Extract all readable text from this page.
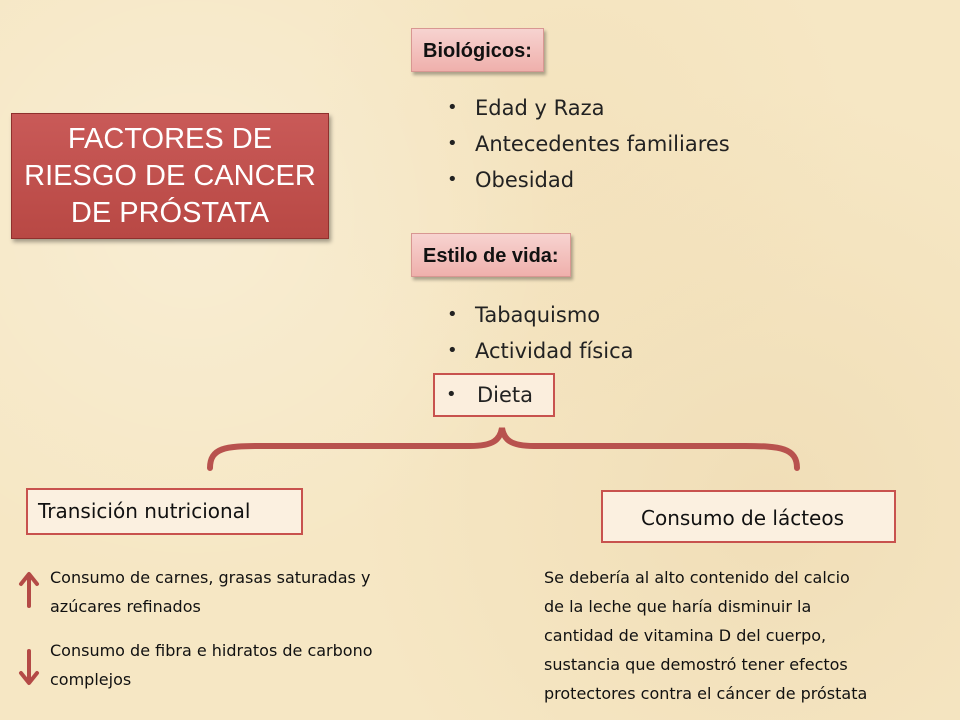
FACTORES DE
RIESGO DE CANCER
DE PRÓSTATA
Biológicos:
• Edad y Raza
• Antecedentes familiares
• Obesidad
Estilo de vida:
• Tabaquismo
• Actividad física
• Dieta
Transición nutricional	Consumo de lácteos
Consumo de carnes, grasas saturadas y
azúcares refinados
Consumo de fibra e hidratos de carbono
complejos
Se debería al alto contenido del calcio
de la leche que haría disminuir la
cantidad de vitamina D del cuerpo,
sustancia que demostró tener efectos
protectores contra el cáncer de próstata
